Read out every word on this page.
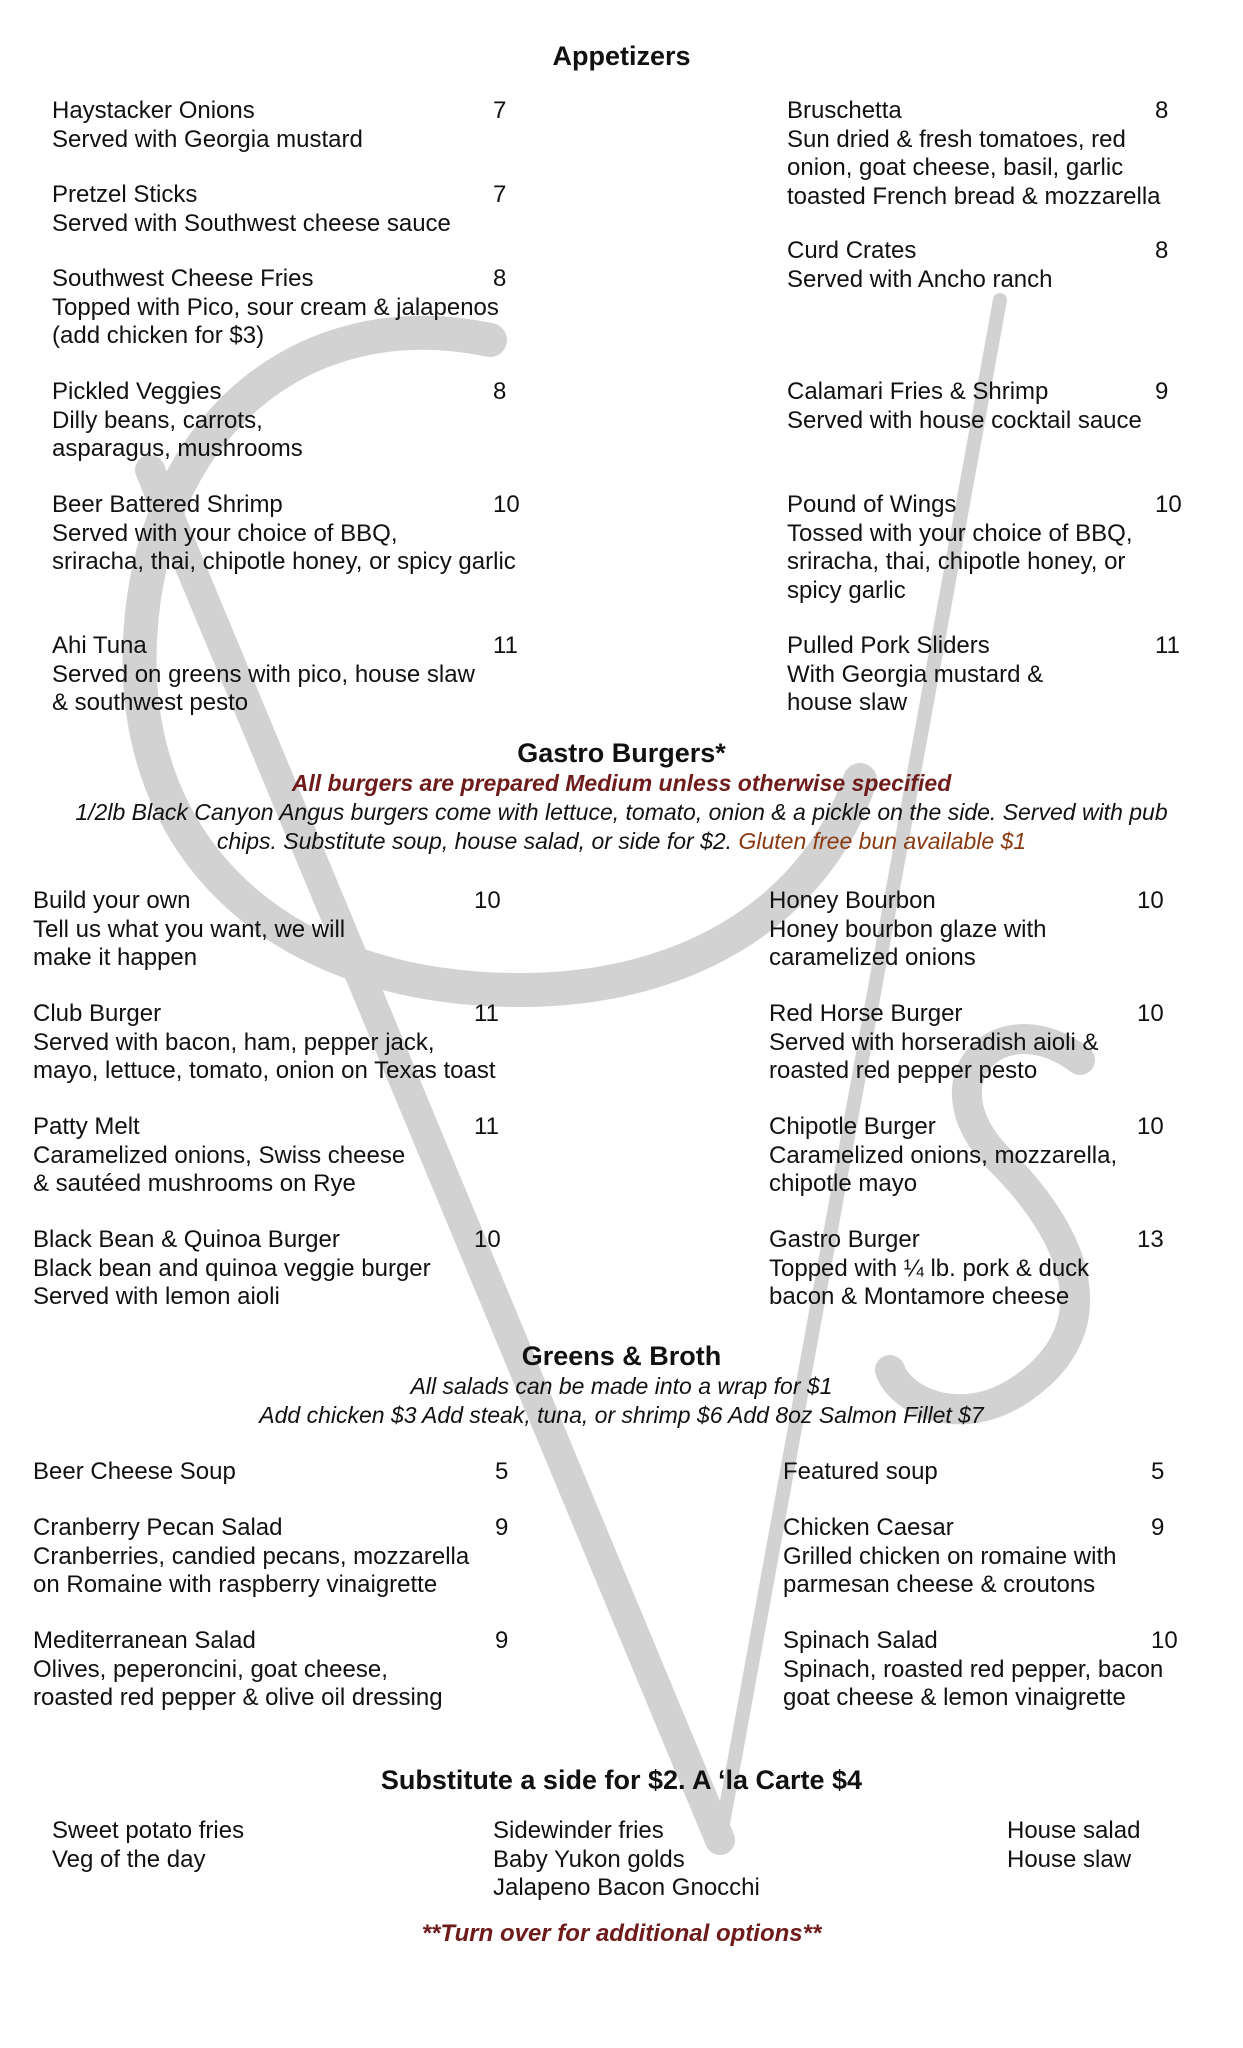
Appetizers
Haystacker Onions	7
Served with Georgia mustard
Pretzel Sticks	7
Served with Southwest cheese sauce
Southwest Cheese Fries	8
Topped with Pico, sour cream & jalapenos
(add chicken for $3)
Pickled Veggies	8
Dilly beans, carrots,
asparagus, mushrooms
Beer Battered Shrimp	10
Served with your choice of BBQ,
sriracha, thai, chipotle honey, or spicy garlic
Ahi Tuna	11
Served on greens with pico, house slaw
& southwest pesto
Bruschetta	8
Sun dried & fresh tomatoes, red
onion, goat cheese, basil, garlic
toasted French bread & mozzarella
Curd Crates	8
Served with Ancho ranch
Calamari Fries & Shrimp	9
Served with house cocktail sauce
Pound of Wings	10
Tossed with your choice of BBQ,
sriracha, thai, chipotle honey, or
spicy garlic
Pulled Pork Sliders	11
With Georgia mustard &
house slaw
Gastro Burgers*
All burgers are prepared Medium unless otherwise specified
1/2lb Black Canyon Angus burgers come with lettuce, tomato, onion & a pickle on the side. Served with pub
chips. Substitute soup, house salad, or side for $2. Gluten free bun available $1
Build your own	10
Tell us what you want, we will
make it happen
Club Burger	11
Served with bacon, ham, pepper jack,
mayo, lettuce, tomato, onion on Texas toast
Patty Melt	11
Caramelized onions, Swiss cheese
& sautéed mushrooms on Rye
Black Bean & Quinoa Burger	10
Black bean and quinoa veggie burger
Served with lemon aioli
Honey Bourbon	10
Honey bourbon glaze with
caramelized onions
Red Horse Burger	10
Served with horseradish aioli &
roasted red pepper pesto
Chipotle Burger	10
Caramelized onions, mozzarella,
chipotle mayo
Gastro Burger	13
Topped with ¼ lb. pork & duck
bacon & Montamore cheese
Greens & Broth
All salads can be made into a wrap for $1
Add chicken $3 Add steak, tuna, or shrimp $6 Add 8oz Salmon Fillet $7
Beer Cheese Soup	5
Cranberry Pecan Salad	9
Cranberries, candied pecans, mozzarella
on Romaine with raspberry vinaigrette
Mediterranean Salad	9
Olives, peperoncini, goat cheese,
roasted red pepper & olive oil dressing
Featured soup	5
Chicken Caesar	9
Grilled chicken on romaine with
parmesan cheese & croutons
Spinach Salad	10
Spinach, roasted red pepper, bacon
goat cheese & lemon vinaigrette
Substitute a side for $2. A ‘la Carte $4
Sweet potato fries
Veg of the day
Sidewinder fries
Baby Yukon golds
Jalapeno Bacon Gnocchi
House salad
House slaw
**Turn over for additional options**
